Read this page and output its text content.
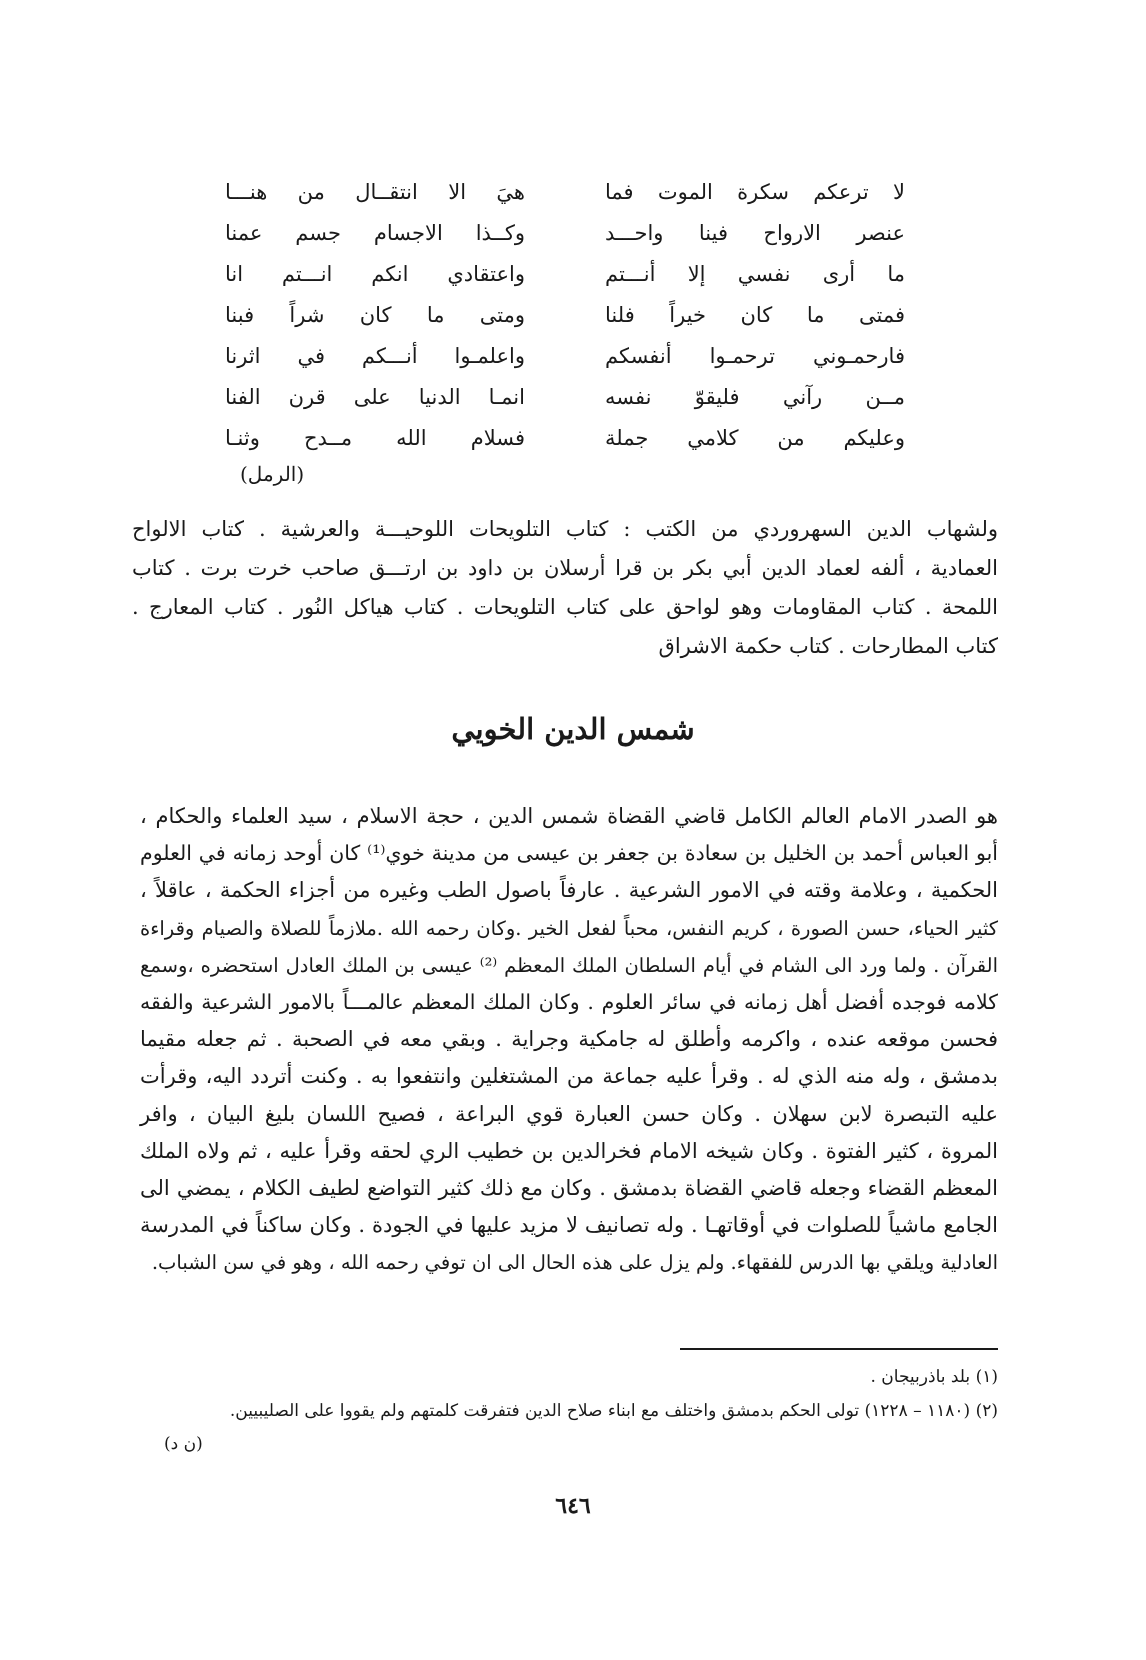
لا ترعكم سكرة الموت فما
هيَ الا انتقــال من هنـــا
عنصر الارواح فينا واحـــد
وكــذا الاجسام جسم عمنا
ما أرى نفسي إلا أنـــتم
واعتقادي انكم انـــتم انا
فمتى ما كان خيراً فلنا
ومتى ما كان شراً فبنا
فارحمـوني ترحمـوا أنفسكم
واعلمـوا أنـــكم في اثرنا
مــن رآني فليقوّ نفسه
انمـا الدنيا على قرن الفنا
وعليكم من كلامي جملة
فسلام الله مــدح وثنـا
(الرمل)
ولشهاب الدين السهروردي من الكتب : كتاب التلويحات اللوحيـــة والعرشية . كتاب الالواح
العمادية ، ألفه لعماد الدين أبي بكر بن قرا أرسلان بن داود بن ارتـــق صاحب خرت برت . كتاب
اللمحة . كتاب المقاومات وهو لواحق على كتاب التلويحات . كتاب هياكل النُور . كتاب المعارج .
كتاب المطارحات . كتاب حكمة الاشراق
شمس الدين الخويي
هو الصدر الامام العالم الكامل قاضي القضاة شمس الدين ، حجة الاسلام ، سيد العلماء والحكام ،
أبو العباس أحمد بن الخليل بن سعادة بن جعفر بن عيسى من مدينة خوي⁽¹⁾ كان أوحد زمانه في العلوم
الحكمية ، وعلامة وقته في الامور الشرعية . عارفاً باصول الطب وغيره من أجزاء الحكمة ، عاقلاً ،
كثير الحياء، حسن الصورة ، كريم النفس، محباً لفعل الخير .وكان رحمه الله .ملازماً للصلاة والصيام وقراءة
القرآن . ولما ورد الى الشام في أيام السلطان الملك المعظم ⁽²⁾ عيسى بن الملك العادل استحضره ،وسمع
كلامه فوجده أفضل أهل زمانه في سائر العلوم . وكان الملك المعظم عالمـــاً بالامور الشرعية والفقه
فحسن موقعه عنده ، واكرمه وأطلق له جامكية وجراية . وبقي معه في الصحبة . ثم جعله مقيما
بدمشق ، وله منه الذي له . وقرأ عليه جماعة من المشتغلين وانتفعوا به . وكنت أتردد اليه، وقرأت
عليه التبصرة لابن سهلان . وكان حسن العبارة قوي البراعة ، فصيح اللسان بليغ البيان ، وافر
المروة ، كثير الفتوة . وكان شيخه الامام فخرالدين بن خطيب الري لحقه وقرأ عليه ، ثم ولاه الملك
المعظم القضاء وجعله قاضي القضاة بدمشق . وكان مع ذلك كثير التواضع لطيف الكلام ، يمضي الى
الجامع ماشياً للصلوات في أوقاتهـا . وله تصانيف لا مزيد عليها في الجودة . وكان ساكناً في المدرسة
العادلية ويلقي بها الدرس للفقهاء. ولم يزل على هذه الحال الى ان توفي رحمه الله ، وهو في سن الشباب.
(١) بلد باذربيجان .
(٢) (١١٨٠ – ١٢٢٨) تولى الحكم بدمشق واختلف مع ابناء صلاح الدين فتفرقت كلمتهم ولم يقووا على الصليبيين.
(ن د)
٦٤٦
